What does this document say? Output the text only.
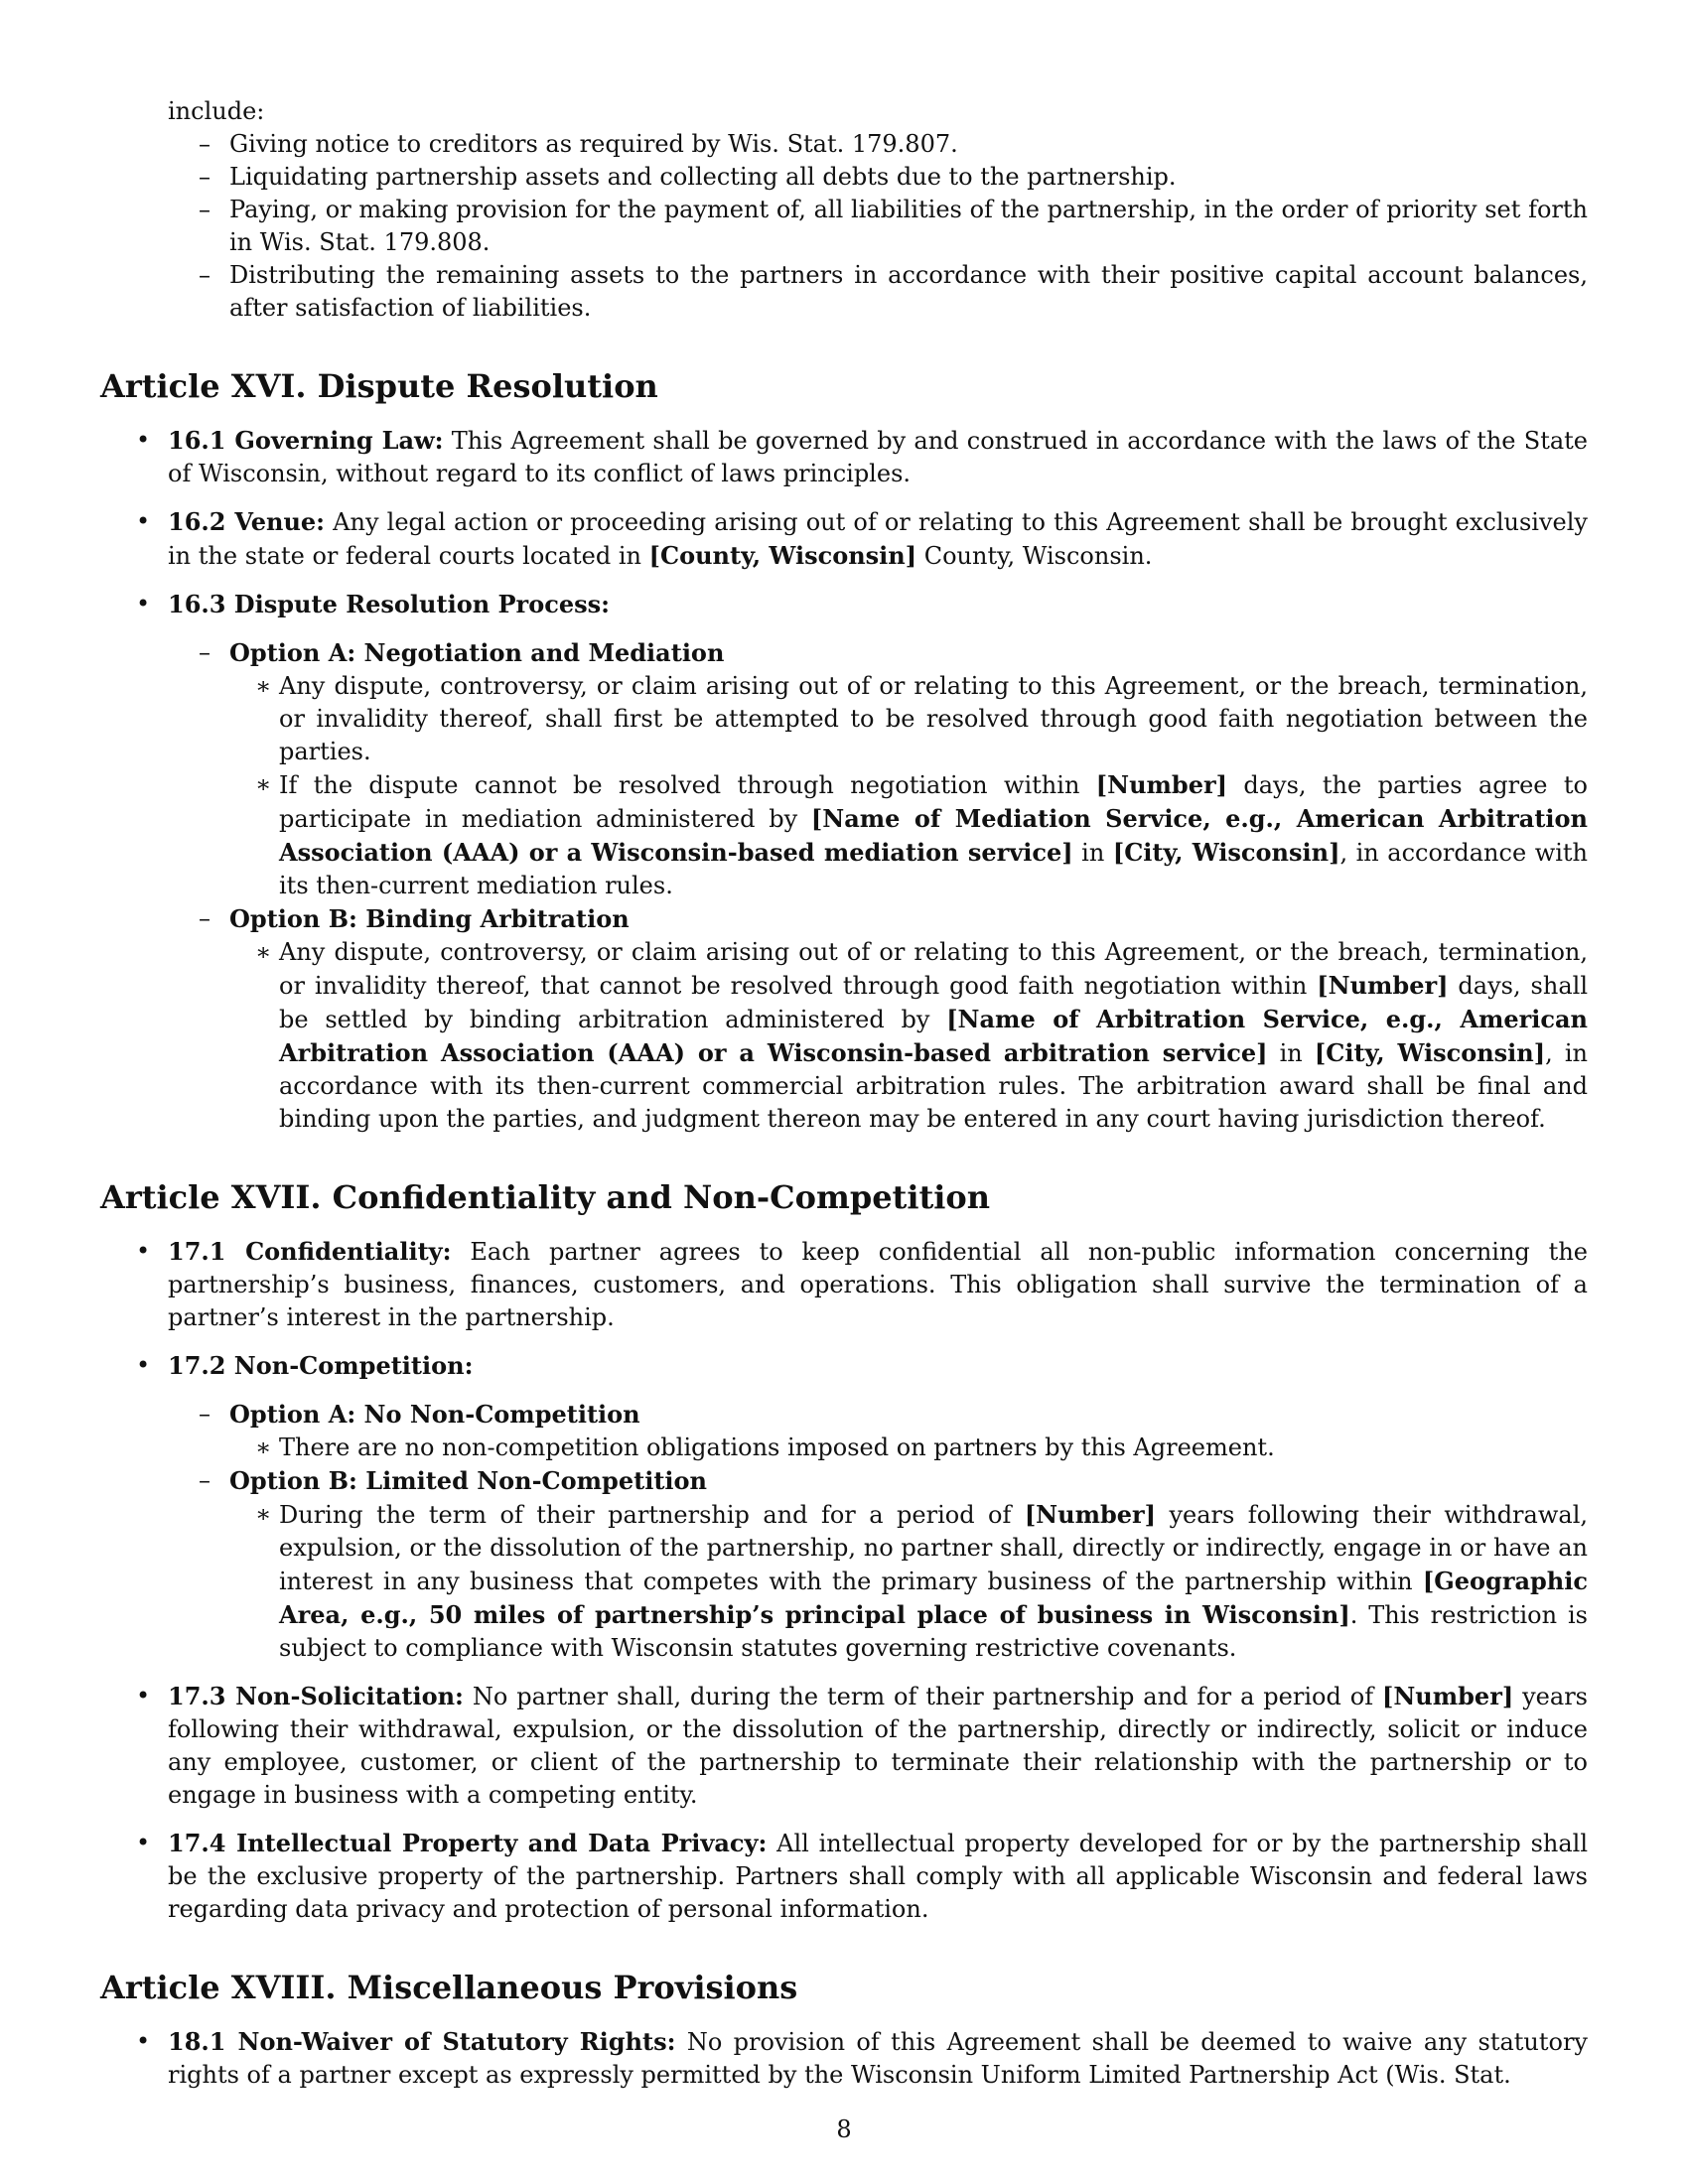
include:
– Giving notice to creditors as required by Wis. Stat. 179.807.
– Liquidating partnership assets and collecting all debts due to the partnership.
– Paying, or making provision for the payment of, all liabilities of the partnership, in the order of priority set forth in Wis. Stat. 179.808.
– Distributing the remaining assets to the partners in accordance with their positive capital account balances, after satisfaction of liabilities.
Article XVI. Dispute Resolution
• 16.1 Governing Law: This Agreement shall be governed by and construed in accordance with the laws of the State of Wisconsin, without regard to its conflict of laws principles.
• 16.2 Venue: Any legal action or proceeding arising out of or relating to this Agreement shall be brought exclusively in the state or federal courts located in [County, Wisconsin] County, Wisconsin.
• 16.3 Dispute Resolution Process:
– Option A: Negotiation and Mediation
∗ Any dispute, controversy, or claim arising out of or relating to this Agreement, or the breach, termination, or invalidity thereof, shall first be attempted to be resolved through good faith negotiation between the parties.
∗ If the dispute cannot be resolved through negotiation within [Number] days, the parties agree to participate in mediation administered by [Name of Mediation Service, e.g., American Arbitration Association (AAA) or a Wisconsin-based mediation service] in [City, Wisconsin], in accordance with its then-current mediation rules.
– Option B: Binding Arbitration
∗ Any dispute, controversy, or claim arising out of or relating to this Agreement, or the breach, termination, or invalidity thereof, that cannot be resolved through good faith negotiation within [Number] days, shall be settled by binding arbitration administered by [Name of Arbitration Service, e.g., American Arbitration Association (AAA) or a Wisconsin-based arbitration service] in [City, Wisconsin], in accordance with its then-current commercial arbitration rules. The arbitration award shall be final and binding upon the parties, and judgment thereon may be entered in any court having jurisdiction thereof.
Article XVII. Confidentiality and Non-Competition
• 17.1 Confidentiality: Each partner agrees to keep confidential all non-public information concerning the partnership’s business, finances, customers, and operations. This obligation shall survive the termination of a partner’s interest in the partnership.
• 17.2 Non-Competition:
– Option A: No Non-Competition
∗ There are no non-competition obligations imposed on partners by this Agreement.
– Option B: Limited Non-Competition
∗ During the term of their partnership and for a period of [Number] years following their withdrawal, expulsion, or the dissolution of the partnership, no partner shall, directly or indirectly, engage in or have an interest in any business that competes with the primary business of the partnership within [Geographic Area, e.g., 50 miles of partnership’s principal place of business in Wisconsin]. This restriction is subject to compliance with Wisconsin statutes governing restrictive covenants.
• 17.3 Non-Solicitation: No partner shall, during the term of their partnership and for a period of [Number] years following their withdrawal, expulsion, or the dissolution of the partnership, directly or indirectly, solicit or induce any employee, customer, or client of the partnership to terminate their relationship with the partnership or to engage in business with a competing entity.
• 17.4 Intellectual Property and Data Privacy: All intellectual property developed for or by the partnership shall be the exclusive property of the partnership. Partners shall comply with all applicable Wisconsin and federal laws regarding data privacy and protection of personal information.
Article XVIII. Miscellaneous Provisions
• 18.1 Non-Waiver of Statutory Rights: No provision of this Agreement shall be deemed to waive any statutory rights of a partner except as expressly permitted by the Wisconsin Uniform Limited Partnership Act (Wis. Stat.
8
